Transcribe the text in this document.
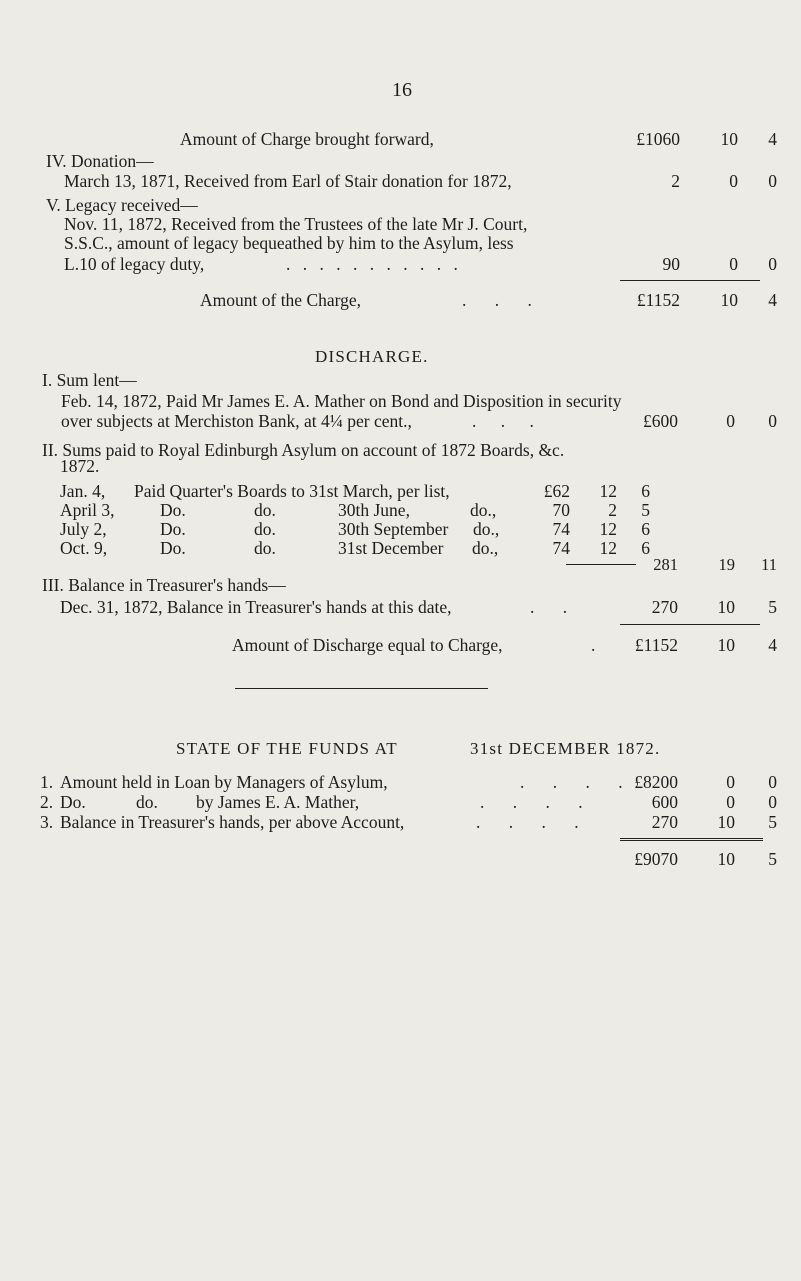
16
Amount of Charge brought forward,	£1060 10 4
IV. Donation—
March 13, 1871, Received from Earl of Stair donation for 1872,	2	0 0
V. Legacy received—
Nov. 11, 1872, Received from the Trustees of the late Mr J. Court,
S.S.C., amount of legacy bequeathed by him to the Asylum, less
L.10 of legacy duty,	. . . . . . . . . . .	90	0 0
Amount of the Charge,	. . .	£1152 10 4
DISCHARGE.
I. Sum lent—
Feb. 14, 1872, Paid Mr James E. A. Mather on Bond and Disposition in security
over subjects at Merchiston Bank, at 4¼ per cent.,	. . .	£600	0 0
II. Sums paid to Royal Edinburgh Asylum on account of 1872 Boards, &c.
1872.
Jan. 4, Paid Quarter's Boards to 31st March, per list,	£62 12 6
April 3,	Do.	do.	30th June,	do.,	70 2 5
July 2,	Do.	do.	30th September do.,	74 12 6
Oct. 9,	Do.	do.	31st December do.,	74 12 6
281 19 11
III. Balance in Treasurer's hands—
Dec. 31, 1872, Balance in Treasurer's hands at this date,	. .	270 10 5
Amount of Discharge equal to Charge,	. £1152 10 4
STATE OF THE FUNDS AT	31st DECEMBER 1872.
1. Amount held in Loan by Managers of Asylum,	. . . . £8200	0 0
2. Do.	do. by James E. A. Mather,	. . . .	600	0 0
3. Balance in Treasurer's hands, per above Account,	. . . .	270 10 5
£9070 10 5
